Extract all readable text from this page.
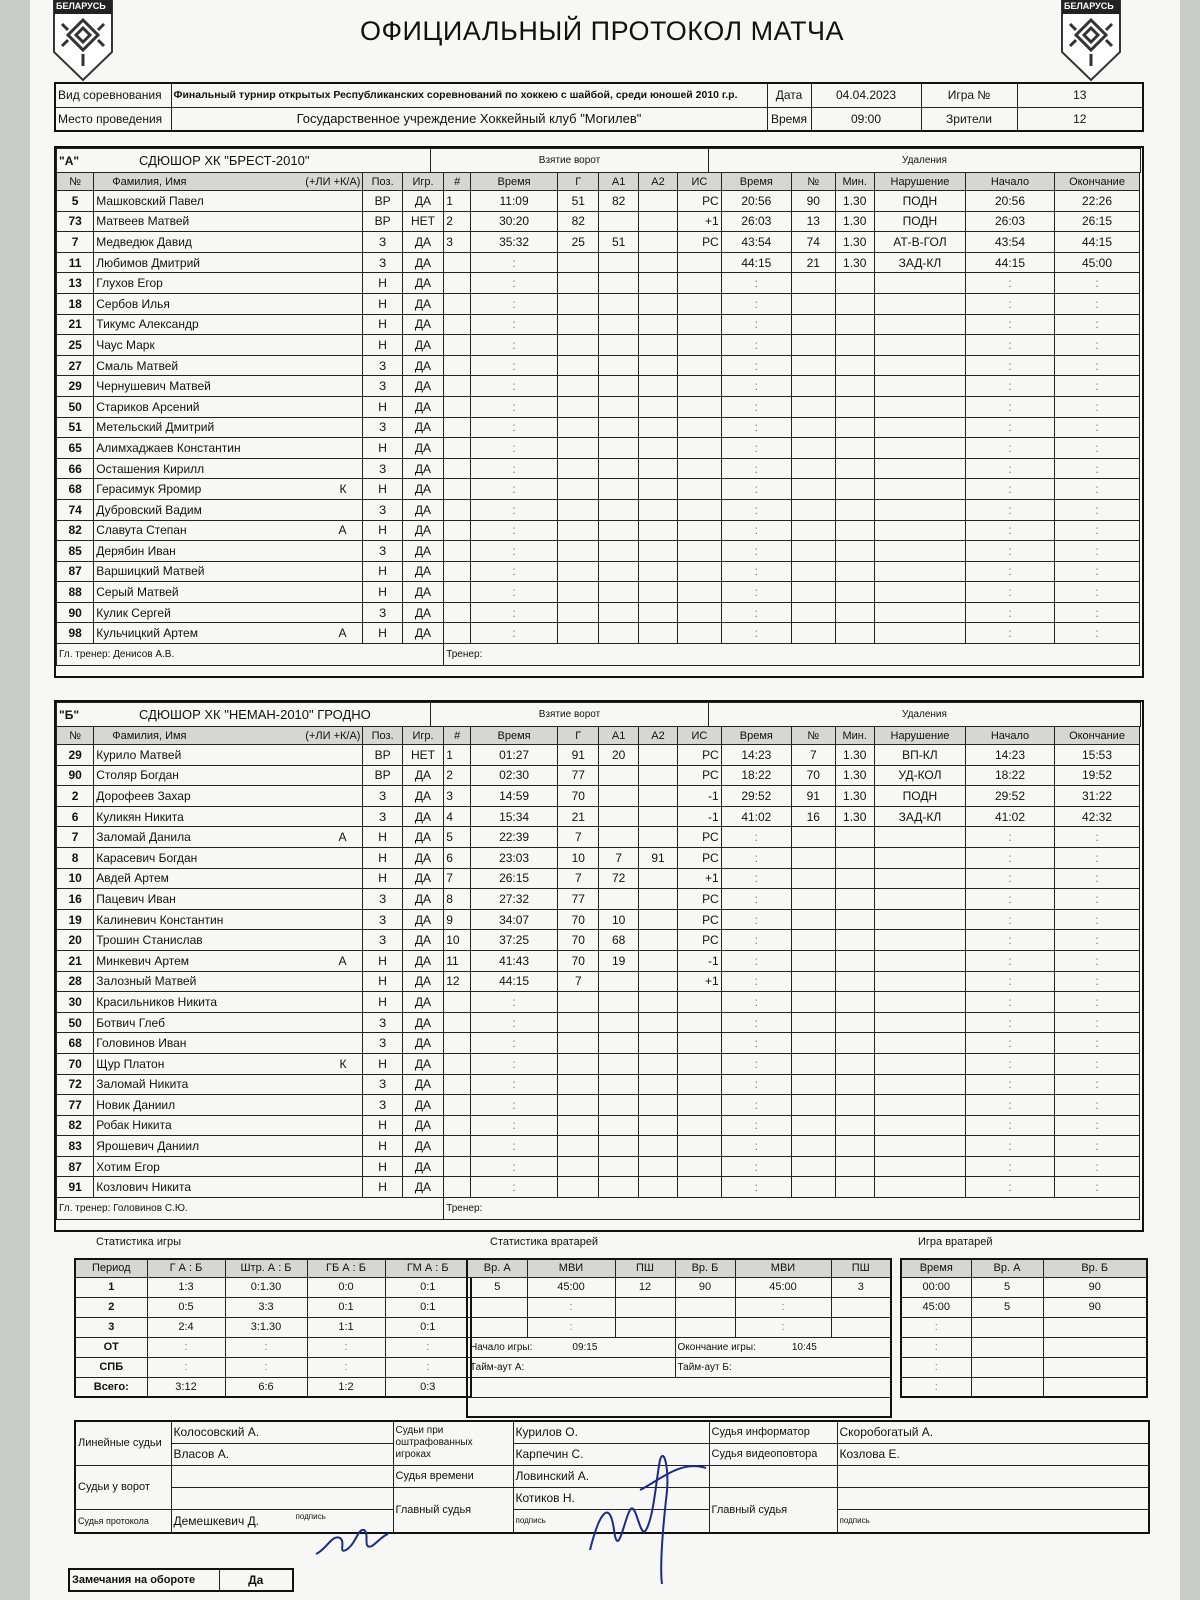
БЕЛАРУСЬ	БЕЛАРУСЬ
ОФИЦИАЛЬНЫЙ ПРОТОКОЛ МАТЧА
Вид соревнования	Финальный турнир открытых Республиканских соревнований по хоккею с шайбой, среди юношей 2010 г.р.	Дата	04.04.2023	Игра №	13
Место проведения	Государственное учреждение Хоккейный клуб "Могилев"	Время	09:00	Зрители	12
"А"	СДЮШОР ХК "БРЕСТ-2010"	Взятие ворот	Удаления
№	Фамилия, Имя (+ЛИ +К/А)	Поз.	Игр.	#	Время	Г	А1	А2	ИС	Время	№	Мин.	Нарушение	Начало	Окончание
5	Машковский Павел	ВР	ДА	1	11:09	51	82		РС	20:56	90	1.30	ПОДН	20:56	22:26
73	Матвеев Матвей	ВР	НЕТ	2	30:20	82			+1	26:03	13	1.30	ПОДН	26:03	26:15
7	Медведюк Давид	З	ДА	3	35:32	25	51		РС	43:54	74	1.30	АТ-В-ГОЛ	43:54	44:15
11	Любимов Дмитрий	З	ДА		:					44:15	21	1.30	ЗАД-КЛ	44:15	45:00
13	Глухов Егор	Н	ДА		:					:				:	:
18	Сербов Илья	Н	ДА		:					:				:	:
21	Тикумс Александр	Н	ДА		:					:				:	:
25	Чаус Марк	Н	ДА		:					:				:	:
27	Смаль Матвей	З	ДА		:					:				:	:
29	Чернушевич Матвей	З	ДА		:					:				:	:
50	Стариков Арсений	Н	ДА		:					:				:	:
51	Метельский Дмитрий	З	ДА		:					:				:	:
65	Алимхаджаев Константин	Н	ДА		:					:				:	:
66	Осташения Кирилл	З	ДА		:					:				:	:
68	Герасимук Яромир К	Н	ДА		:					:				:	:
74	Дубровский Вадим	З	ДА		:					:				:	:
82	Славута Степан А	Н	ДА		:					:				:	:
85	Дерябин Иван	З	ДА		:					:				:	:
87	Варшицкий Матвей	Н	ДА		:					:				:	:
88	Серый Матвей	Н	ДА		:					:				:	:
90	Кулик Сергей	З	ДА		:					:				:	:
98	Кульчицкий Артем А	Н	ДА		:					:				:	:
Гл. тренер: Денисов А.В.				Тренер:											
"Б"	СДЮШОР ХК "НЕМАН-2010" ГРОДНО	Взятие ворот	Удаления
№	Фамилия, Имя (+ЛИ +К/А)	Поз.	Игр.	#	Время	Г	А1	А2	ИС	Время	№	Мин.	Нарушение	Начало	Окончание
29	Курило Матвей	ВР	НЕТ	1	01:27	91	20		РС	14:23	7	1.30	ВП-КЛ	14:23	15:53
90	Столяр Богдан	ВР	ДА	2	02:30	77			РС	18:22	70	1.30	УД-КОЛ	18:22	19:52
2	Дорофеев Захар	З	ДА	3	14:59	70			-1	29:52	91	1.30	ПОДН	29:52	31:22
6	Куликян Никита	З	ДА	4	15:34	21			-1	41:02	16	1.30	ЗАД-КЛ	41:02	42:32
7	Заломай Данила А	Н	ДА	5	22:39	7			РС	:				:	:
8	Карасевич Богдан	Н	ДА	6	23:03	10	7	91	РС	:				:	:
10	Авдей Артем	Н	ДА	7	26:15	7	72		+1	:				:	:
16	Пацевич Иван	З	ДА	8	27:32	77			РС	:				:	:
19	Калиневич Константин	З	ДА	9	34:07	70	10		РС	:				:	:
20	Трошин Станислав	З	ДА	10	37:25	70	68		РС	:				:	:
21	Минкевич Артем А	Н	ДА	11	41:43	70	19		-1	:				:	:
28	Залозный Матвей	Н	ДА	12	44:15	7			+1	:				:	:
30	Красильников Никита	Н	ДА		:					:				:	:
50	Ботвич Глеб	З	ДА		:					:				:	:
68	Головинов Иван	З	ДА		:					:				:	:
70	Щур Платон К	Н	ДА		:					:				:	:
72	Заломай Никита	З	ДА		:					:				:	:
77	Новик Даниил	З	ДА		:					:				:	:
82	Робак Никита	Н	ДА		:					:				:	:
83	Ярошевич Даниил	Н	ДА		:					:				:	:
87	Хотим Егор	Н	ДА		:					:				:	:
91	Козлович Никита	Н	ДА		:					:				:	:
Гл. тренер: Головинов С.Ю.				Тренер:											
Статистика игры
Период	Г А : Б	Штр. А : Б	ГБ А : Б	ГМ А : Б
1	1:3	0:1.30	0:0	0:1
2	0:5	3:3	0:1	0:1
3	2:4	3:1.30	1:1	0:1
ОТ	:	:	:	:
СПБ	:	:	:	:
Всего:	3:12	6:6	1:2	0:3
Статистика вратарей
Вр. А	МВИ	ПШ	Вр. Б	МВИ	ПШ
5	45:00	12	90	45:00	3
	:			:	
	:			:	
Начало игры: 09:15			Окончание игры: 10:45		
Тайм-аут А:			Тайм-аут Б:		

Игра вратарей
Время	Вр. А	Вр. Б
00:00	5	90
45:00	5	90
:		
:		
:		
:		
Линейные судьи	Колосовский А.	Судьи при оштрафованных игроках	Курилов О.	Судья информатор	Скоробогатый А.
	Власов А.		Карпечин С.	Судья видеоповтора	Козлова Е.
Судьи у ворот		Судья времени	Ловинский А.		
		Главный судья	Котиков Н.	Главный судья	
Судья протокола	Демешкевич Д. подпись		подпись		подпись
Замечания на обороте	Да
